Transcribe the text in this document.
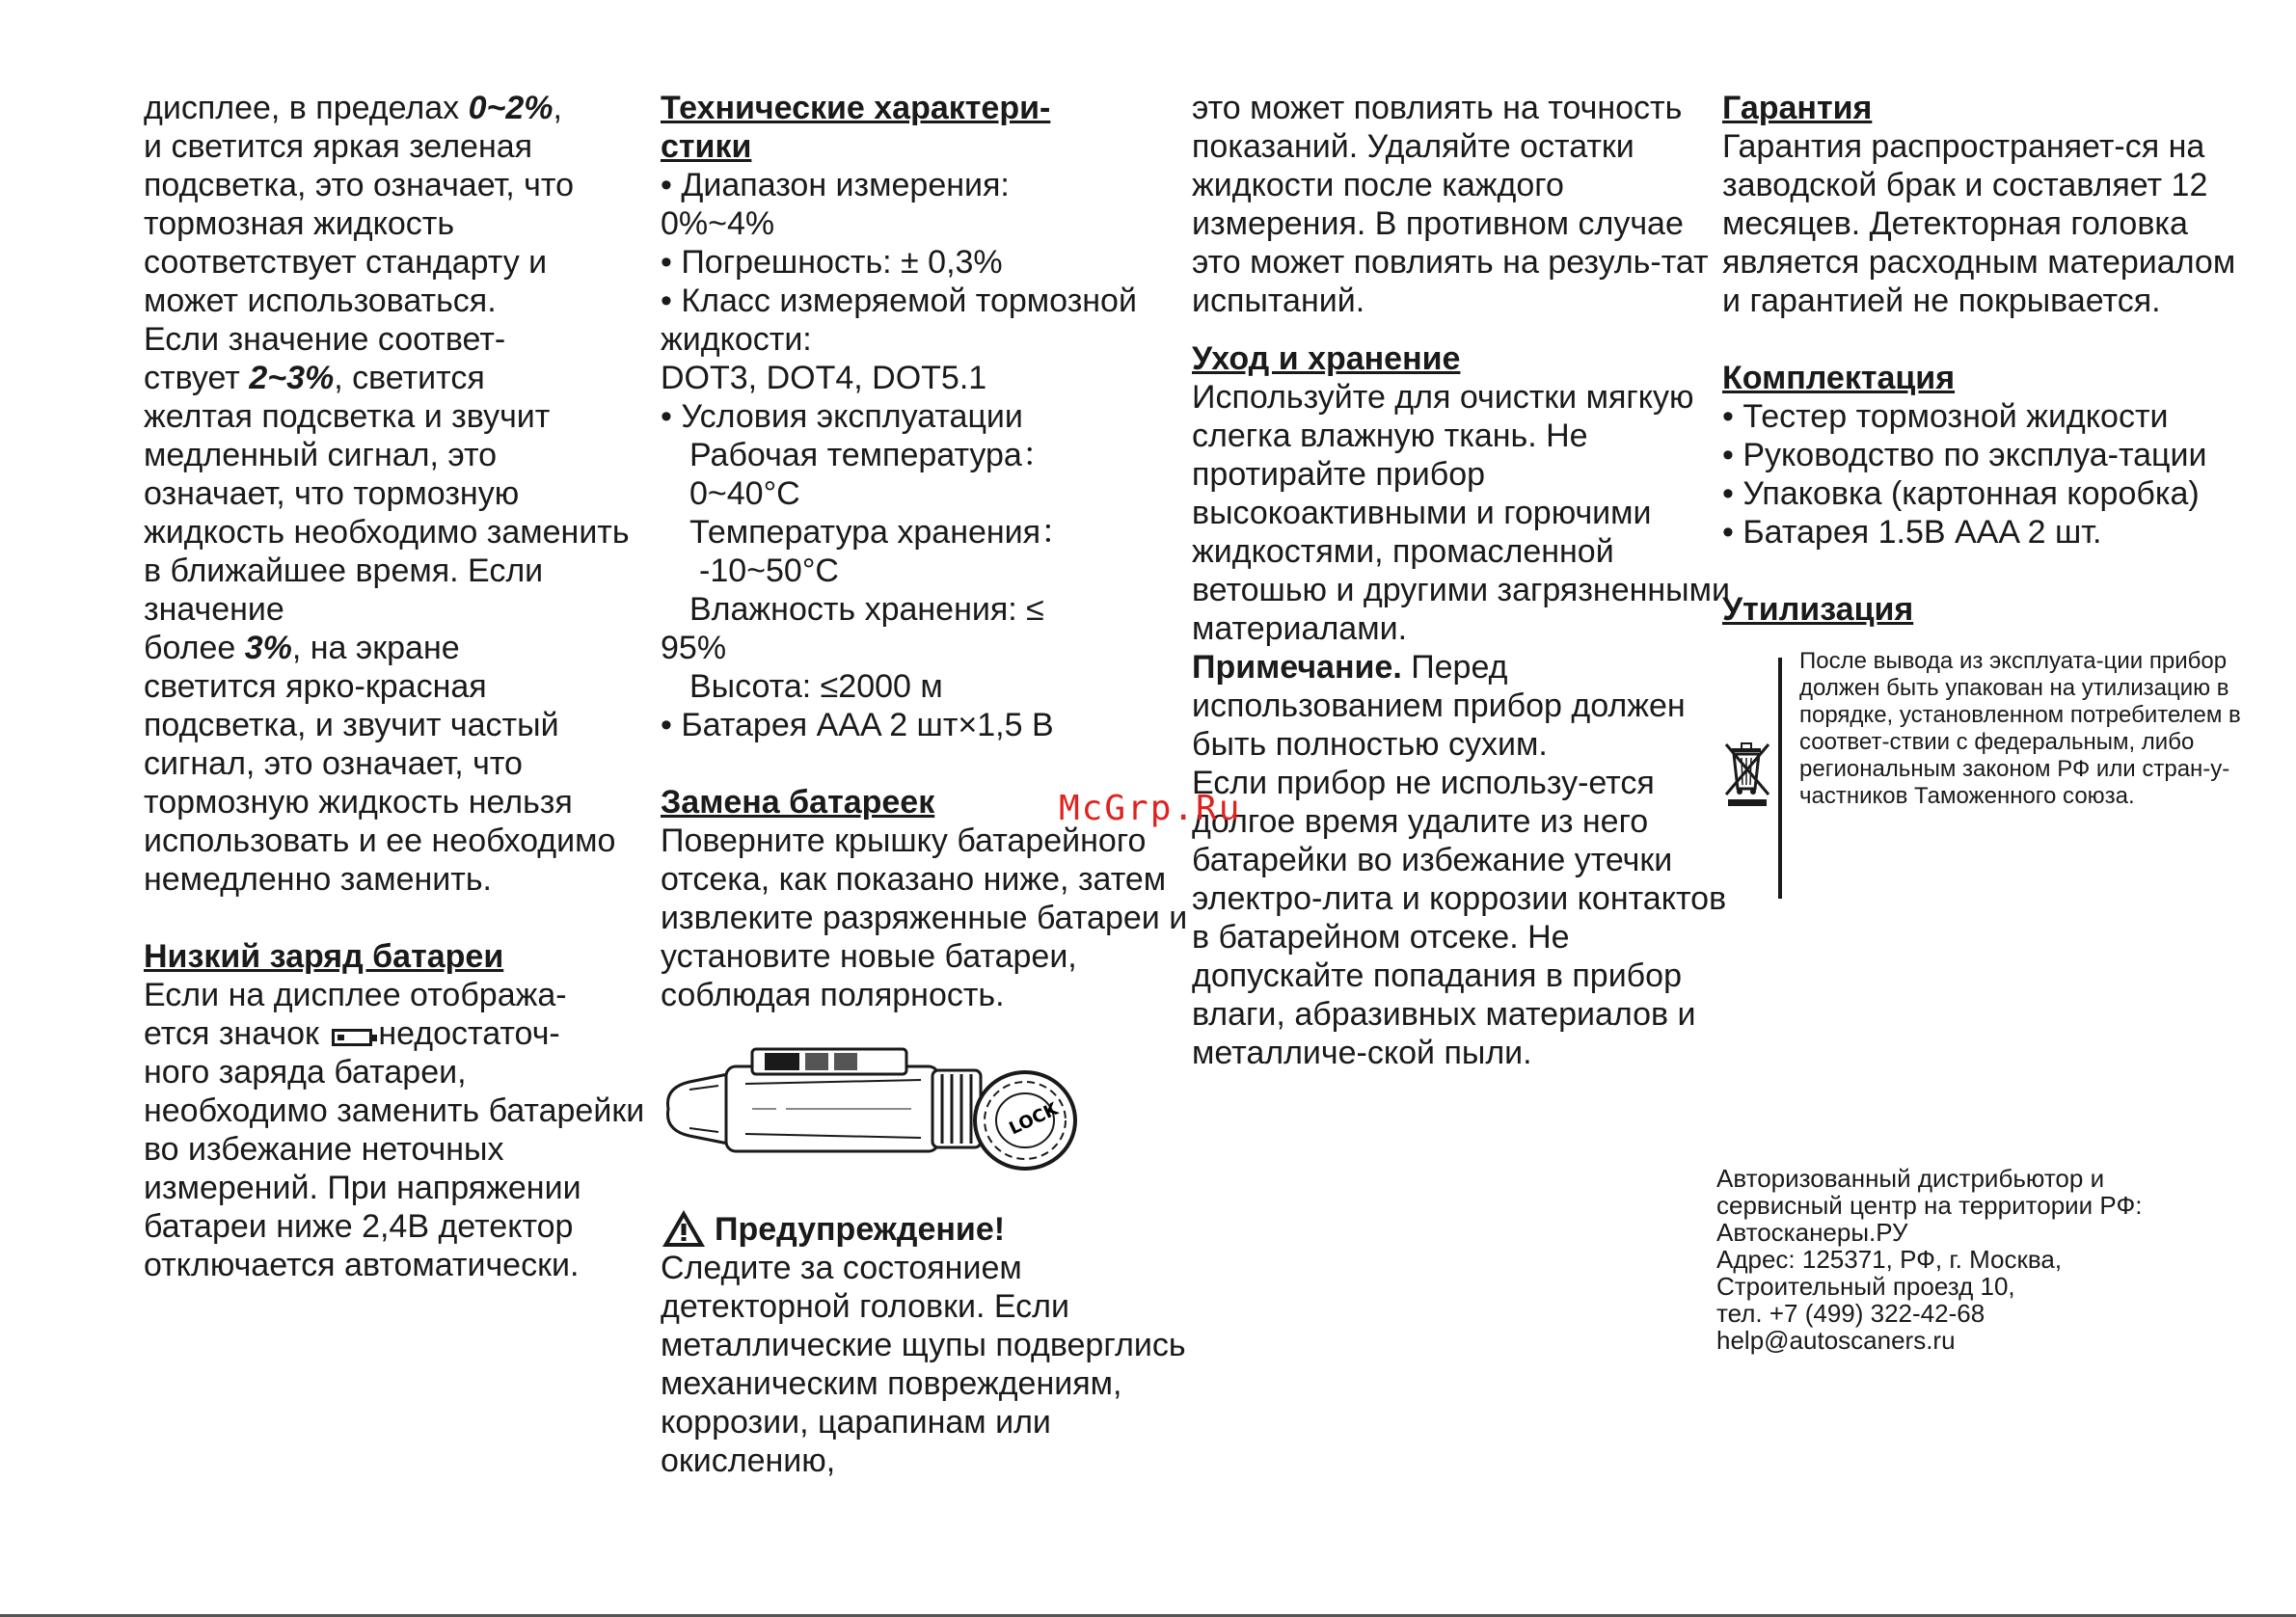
дисплее, в пределах 0~2%,

и светится яркая зеленая подсветка, это означает, что тормозная жидкость соответствует стандарту и может использоваться.

Если значение соответ-

ствует 2~3%, светится

желтая подсветка и звучит медленный сигнал, это означает, что тормозную жидкость необходимо заменить в ближайшее время. Если значение

более 3%, на экране

светится ярко-красная подсветка, и звучит частый сигнал, это означает, что тормозную жидкость нельзя использовать и ее необходимо немедленно заменить.

Низкий заряд батареи

Если на дисплее отобража-

ется значок недостаточ-

ного заряда батареи, необходимо заменить батарейки во избежание неточных измерений. При напряжении батареи ниже 2,4В детектор отключается автоматически.

Технические характери-
стики

• Диапазон измерения:

0%~4%

• Погрешность: ± 0,3%

• Класс измеряемой тормозной жидкости:

DOT3, DOT4, DOT5.1

• Условия эксплуатации

Рабочая температура：

0~40°C

Температура хранения：

-10~50°C

Влажность хранения: ≤

95%

Высота: ≤2000 м

• Батарея AAA 2 шт×1,5 В

Замена батареек

Поверните крышку батарейного отсека, как показано ниже, затем извлеките разряженные батареи и установите новые батареи, соблюдая полярность.

LOCK
Предупреждение!

Следите за состоянием детекторной головки. Если металлические щупы подверглись механическим повреждениям, коррозии, царапинам или окислению,

это может повлиять на точность показаний. Удаляйте остатки жидкости после каждого измерения. В противном случае это может повлиять на резуль-тат испытаний.

Уход и хранение

Используйте для очистки мягкую слегка влажную ткань. Не протирайте прибор высокоактивными и горючими жидкостями, промасленной ветошью и другими загрязненными материалами.

Примечание. Перед использованием прибор должен быть полностью сухим.

Если прибор не использу-ется долгое время удалите из него батарейки во избежание утечки электро-лита и коррозии контактов в батарейном отсеке. Не допускайте попадания в прибор влаги, абразивных материалов и металличе-ской пыли.

Гарантия

Гарантия распространяет-ся на заводской брак и составляет 12 месяцев. Детекторная головка является расходным материалом и гарантией не покрывается.

Комплектация

• Тестер тормозной жидкости

• Руководство по эксплуа-тации

• Упаковка (картонная коробка)

• Батарея 1.5В AAA 2 шт.

Утилизация

После вывода из эксплуата-ции прибор должен быть упакован на утилизацию в порядке, установленном потребителем в соответ-ствии с федеральным, либо региональным законом РФ или стран-у-частников Таможенного союза.

Авторизованный дистрибьютор и

сервисный центр на территории РФ:

Автосканеры.РУ

Адрес: 125371, РФ, г. Москва,

Строительный проезд 10,

тел. +7 (499) 322-42-68

help@autoscaners.ru

McGrp.Ru
